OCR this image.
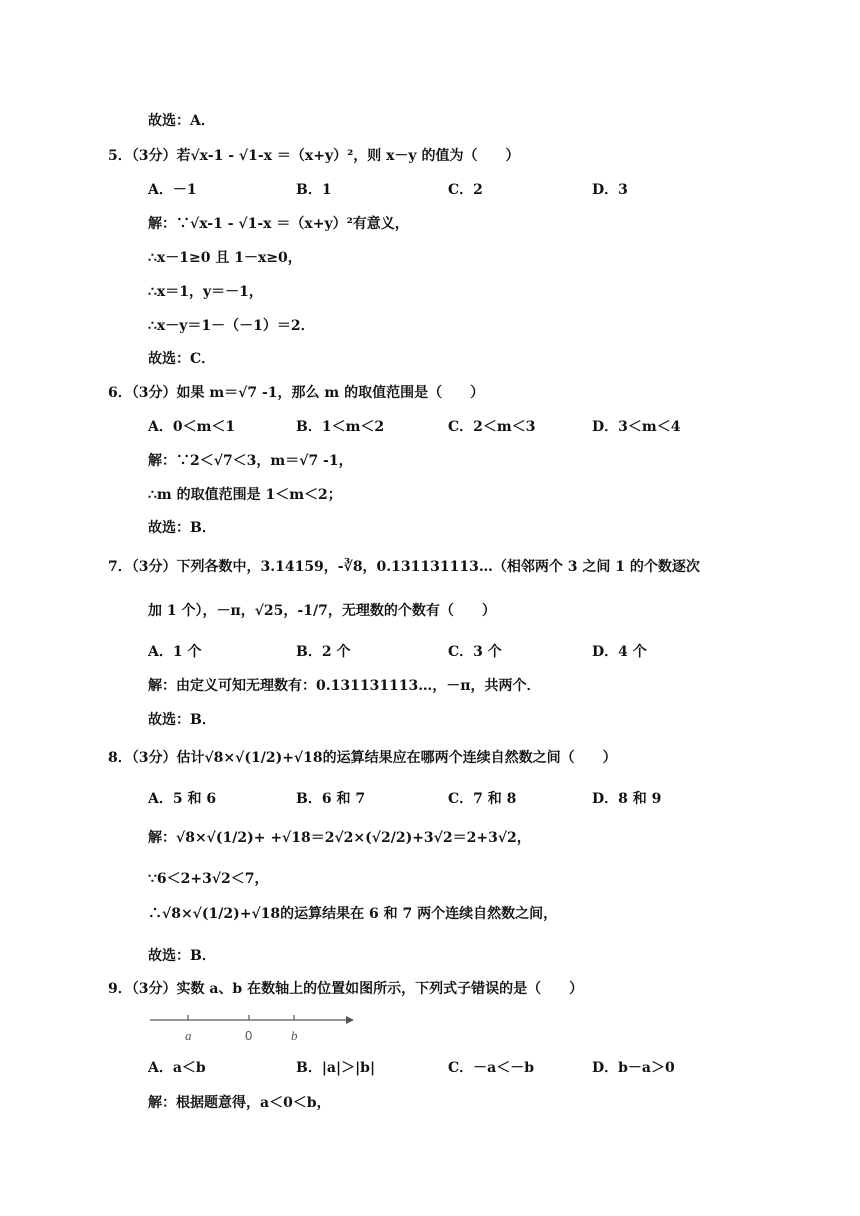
故选：A．
5．（3分）若√x-1 - √1-x ＝（x+y）²，则 x－y 的值为（　　）
A．－1	B．1	C．2	D．3
解：∵√x-1 - √1-x ＝（x+y）²有意义，
∴x－1≥0 且 1－x≥0，
∴x＝1，y＝－1，
∴x－y＝1－（－1）＝2．
故选：C．
6．（3分）如果 m＝√7 -1，那么 m 的取值范围是（　　）
A．0＜m＜1	B．1＜m＜2	C．2＜m＜3	D．3＜m＜4
解：∵2＜√7＜3，m＝√7 -1，
∴m 的取值范围是 1＜m＜2；
故选：B．
7．（3分）下列各数中，3.14159，-∛8，0.131131113…（相邻两个 3 之间 1 的个数逐次
加 1 个），－π，√25，-1/7，无理数的个数有（　　）
A．1 个	B．2 个	C．3 个	D．4 个
解：由定义可知无理数有：0.131131113…，－π，共两个．
故选：B．
8．（3分）估计√8×√(1/2)+√18的运算结果应在哪两个连续自然数之间（　　）
A．5 和 6	B．6 和 7	C．7 和 8	D．8 和 9
解：√8×√(1/2)+ +√18＝2√2×(√2/2)+3√2＝2+3√2，
∵6＜2+3√2＜7，
∴√8×√(1/2)+√18的运算结果在 6 和 7 两个连续自然数之间，
故选：B．
9．（3分）实数 a、b 在数轴上的位置如图所示，下列式子错误的是（　　）
a	0	b
A．a＜b	B．|a|＞|b|	C．－a＜－b	D．b－a＞0
解：根据题意得，a＜0＜b，
